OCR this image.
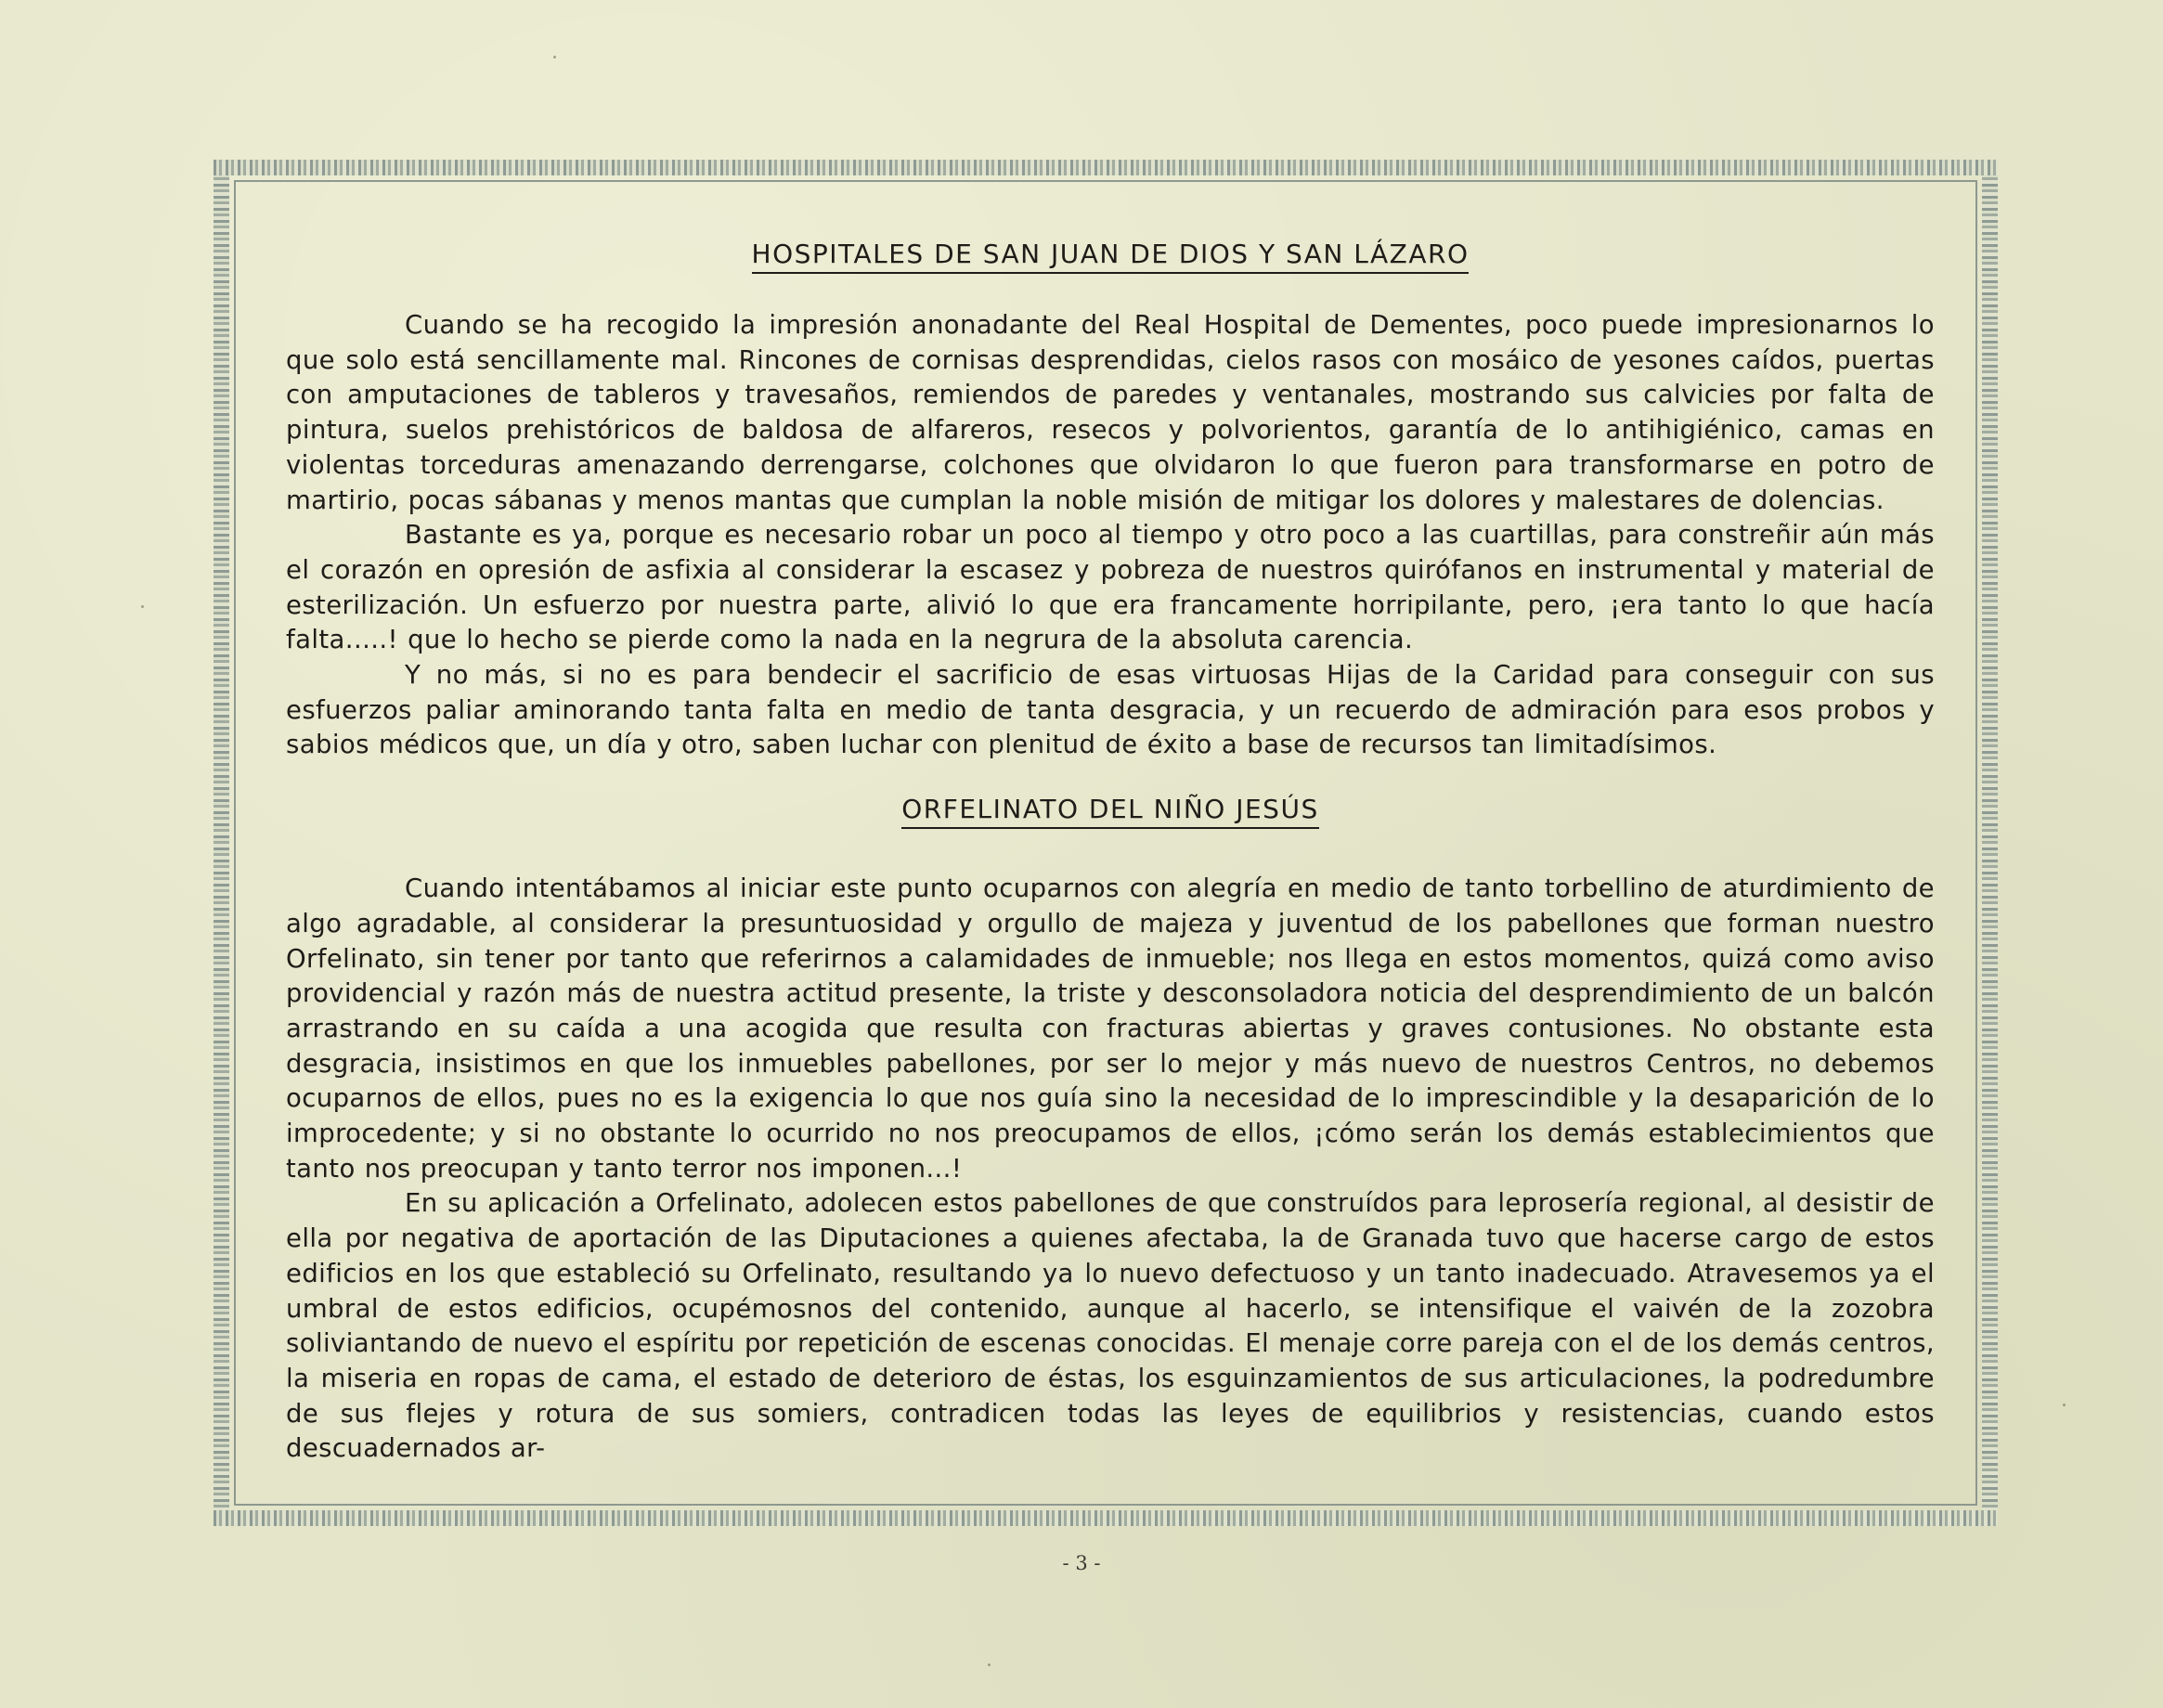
HOSPITALES DE SAN JUAN DE DIOS Y SAN LÁZARO

Cuando se ha recogido la impresión anonadante del Real Hospital de Dementes, poco puede impresionarnos lo que solo está sencillamente mal. Rincones de cornisas desprendidas, cielos rasos con mosáico de yesones caídos, puertas con amputaciones de tableros y travesaños, remiendos de paredes y ventanales, mostrando sus calvicies por falta de pintura, suelos prehistóricos de baldosa de alfareros, resecos y polvorientos, garantía de lo antihigiénico, camas en violentas torceduras amenazando derrengarse, colchones que olvidaron lo que fueron para transformarse en potro de martirio, pocas sábanas y menos mantas que cumplan la noble misión de mitigar los dolores y malestares de dolencias.

Bastante es ya, porque es necesario robar un poco al tiempo y otro poco a las cuartillas, para constreñir aún más el corazón en opresión de asfixia al considerar la escasez y pobreza de nuestros quirófanos en instrumental y material de esterilización. Un esfuerzo por nuestra parte, alivió lo que era francamente horripilante, pero, ¡era tanto lo que hacía falta.....! que lo hecho se pierde como la nada en la negrura de la absoluta carencia.

Y no más, si no es para bendecir el sacrificio de esas virtuosas Hijas de la Caridad para conseguir con sus esfuerzos paliar aminorando tanta falta en medio de tanta desgracia, y un recuerdo de admiración para esos probos y sabios médicos que, un día y otro, saben luchar con plenitud de éxito a base de recursos tan limitadísimos.

ORFELINATO DEL NIÑO JESÚS

Cuando intentábamos al iniciar este punto ocuparnos con alegría en medio de tanto torbellino de aturdimiento de algo agradable, al considerar la presuntuosidad y orgullo de majeza y juventud de los pabellones que forman nuestro Orfelinato, sin tener por tanto que referirnos a calamidades de inmueble; nos llega en estos momentos, quizá como aviso providencial y razón más de nuestra actitud presente, la triste y desconsoladora noticia del desprendimiento de un balcón arrastrando en su caída a una acogida que resulta con fracturas abiertas y graves contusiones. No obstante esta desgracia, insistimos en que los inmuebles pabellones, por ser lo mejor y más nuevo de nuestros Centros, no debemos ocuparnos de ellos, pues no es la exigencia lo que nos guía sino la necesidad de lo imprescindible y la desaparición de lo improcedente; y si no obstante lo ocurrido no nos preocupamos de ellos, ¡cómo serán los demás establecimientos que tanto nos preocupan y tanto terror nos imponen...!

En su aplicación a Orfelinato, adolecen estos pabellones de que construídos para leprosería regional, al desistir de ella por negativa de aportación de las Diputaciones a quienes afectaba, la de Granada tuvo que hacerse cargo de estos edificios en los que estableció su Orfelinato, resultando ya lo nuevo defectuoso y un tanto inadecuado. Atravesemos ya el umbral de estos edificios, ocupémosnos del contenido, aunque al hacerlo, se intensifique el vaivén de la zozobra soliviantando de nuevo el espíritu por repetición de escenas conocidas. El menaje corre pareja con el de los demás centros, la miseria en ropas de cama, el estado de deterioro de éstas, los esguinzamientos de sus articulaciones, la podredumbre de sus flejes y rotura de sus somiers, contradicen todas las leyes de equilibrios y resistencias, cuando estos descuadernados ar-

- 3 -
